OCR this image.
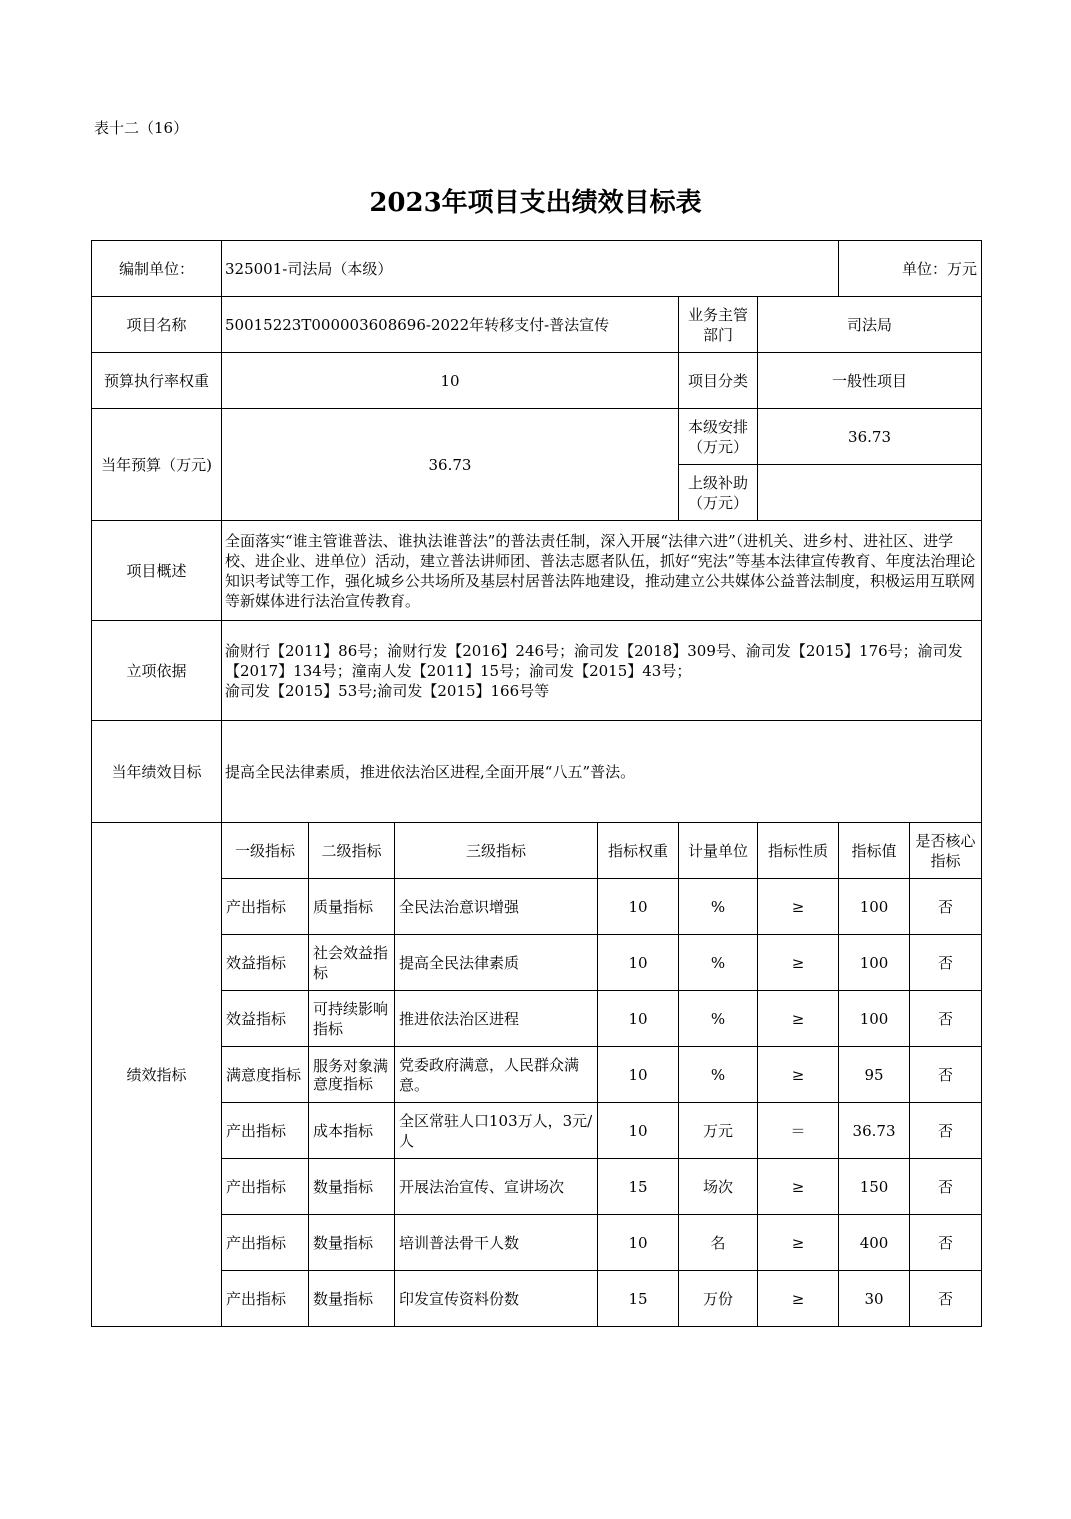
表十二（16）
2023年项目支出绩效目标表
编制单位：	325001-司法局（本级）						单位：万元	
项目名称	50015223T000003608696-2022年转移支付-普法宣传				业务主管部门	司法局		
预算执行率权重	10				项目分类	一般性项目		
当年预算（万元)	36.73				本级安排（万元）	36.73		
					上级补助（万元）			
项目概述	全面落实“谁主管谁普法、谁执法谁普法”的普法责任制，深入开展“法律六进”（进机关、进乡村、进社区、进学校、进企业、进单位）活动，建立普法讲师团、普法志愿者队伍，抓好“宪法”等基本法律宣传教育、年度法治理论知识考试等工作，强化城乡公共场所及基层村居普法阵地建设，推动建立公共媒体公益普法制度，积极运用互联网等新媒体进行法治宣传教育。							
立项依据	渝财行【2011】86号；渝财行发【2016】246号；渝司发【2018】309号、渝司发【2015】176号；渝司发【2017】134号；潼南人发【2011】15号；渝司发【2015】43号；
渝司发【2015】53号;渝司发【2015】166号等							

当年绩效目标	提高全民法律素质，推进依法治区进程,全面开展“八五”普法。							
绩效指标	一级指标	二级指标	三级指标	指标权重	计量单位	指标性质	指标值	是否核心指标
	产出指标	质量指标	全民法治意识增强	10	%	≥	100	否
	效益指标	社会效益指标	提高全民法律素质	10	%	≥	100	否
	效益指标	可持续影响指标	推进依法治区进程	10	%	≥	100	否
	满意度指标	服务对象满意度指标	党委政府满意，人民群众满意。	10	%	≥	95	否
	产出指标	成本指标	全区常驻人口103万人，3元/人	10	万元	＝	36.73	否
	产出指标	数量指标	开展法治宣传、宣讲场次	15	场次	≥	150	否
	产出指标	数量指标	培训普法骨干人数	10	名	≥	400	否
	产出指标	数量指标	印发宣传资料份数	15	万份	≥	30	否
